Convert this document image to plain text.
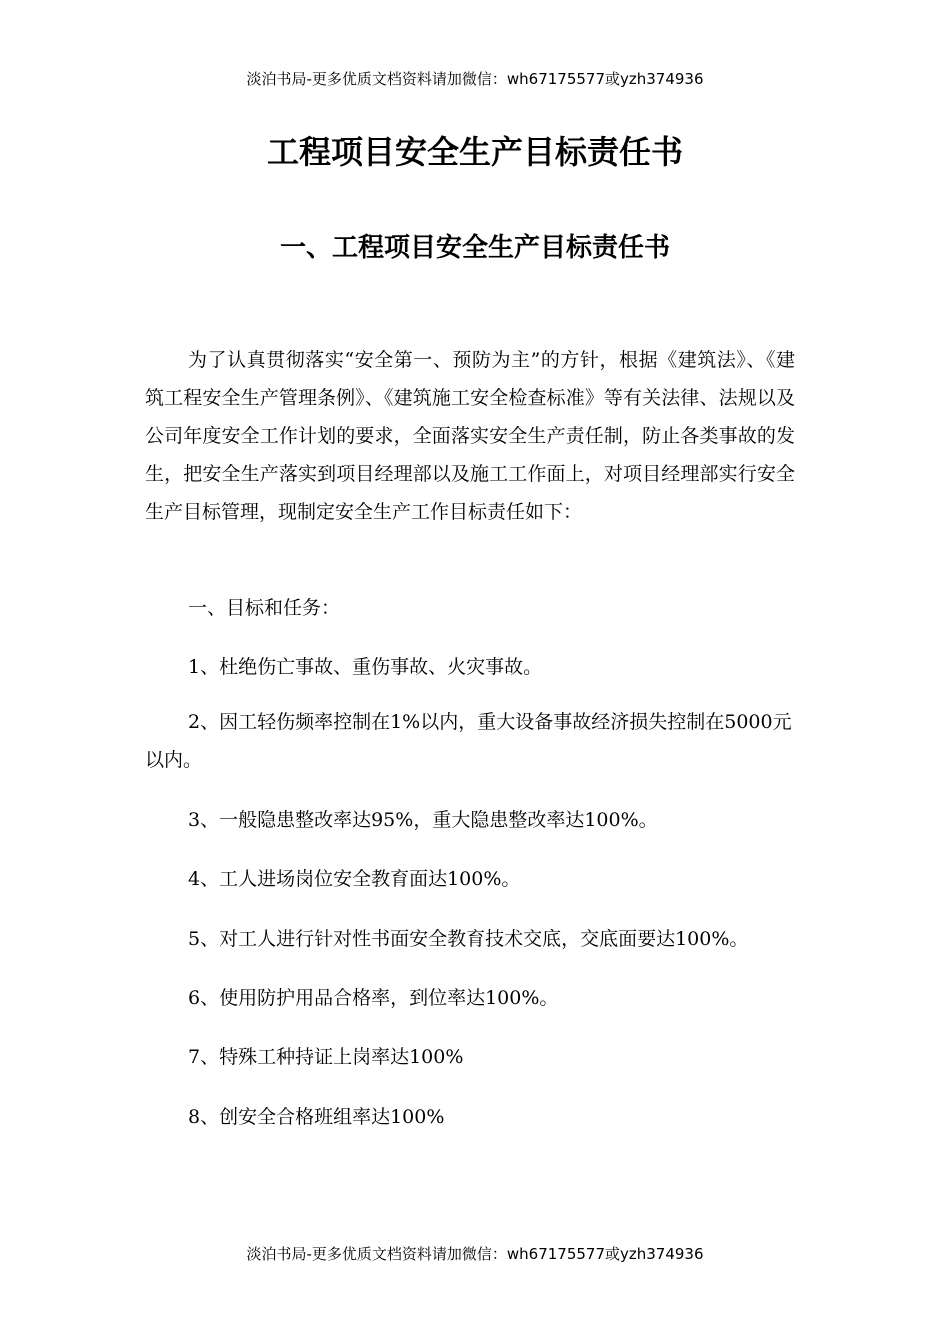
淡泊书局-更多优质文档资料请加微信：wh67175577或yzh374936
工程项目安全生产目标责任书
一、工程项目安全生产目标责任书

为了认真贯彻落实“安全第一、预防为主”的方针，根据《建筑法》、《建筑工程安全生产管理条例》、《建筑施工安全检查标准》等有关法律、法规以及公司年度安全工作计划的要求，全面落实安全生产责任制，防止各类事故的发生，把安全生产落实到项目经理部以及施工工作面上，对项目经理部实行安全生产目标管理，现制定安全生产工作目标责任如下：

一、目标和任务：

1、杜绝伤亡事故、重伤事故、火灾事故。

2、因工轻伤频率控制在1%以内，重大设备事故经济损失控制在5000元以内。

3、一般隐患整改率达95%，重大隐患整改率达100%。

4、工人进场岗位安全教育面达100%。

5、对工人进行针对性书面安全教育技术交底，交底面要达100%。

6、使用防护用品合格率，到位率达100%。

7、特殊工种持证上岗率达100%

8、创安全合格班组率达100%

淡泊书局-更多优质文档资料请加微信：wh67175577或yzh374936
